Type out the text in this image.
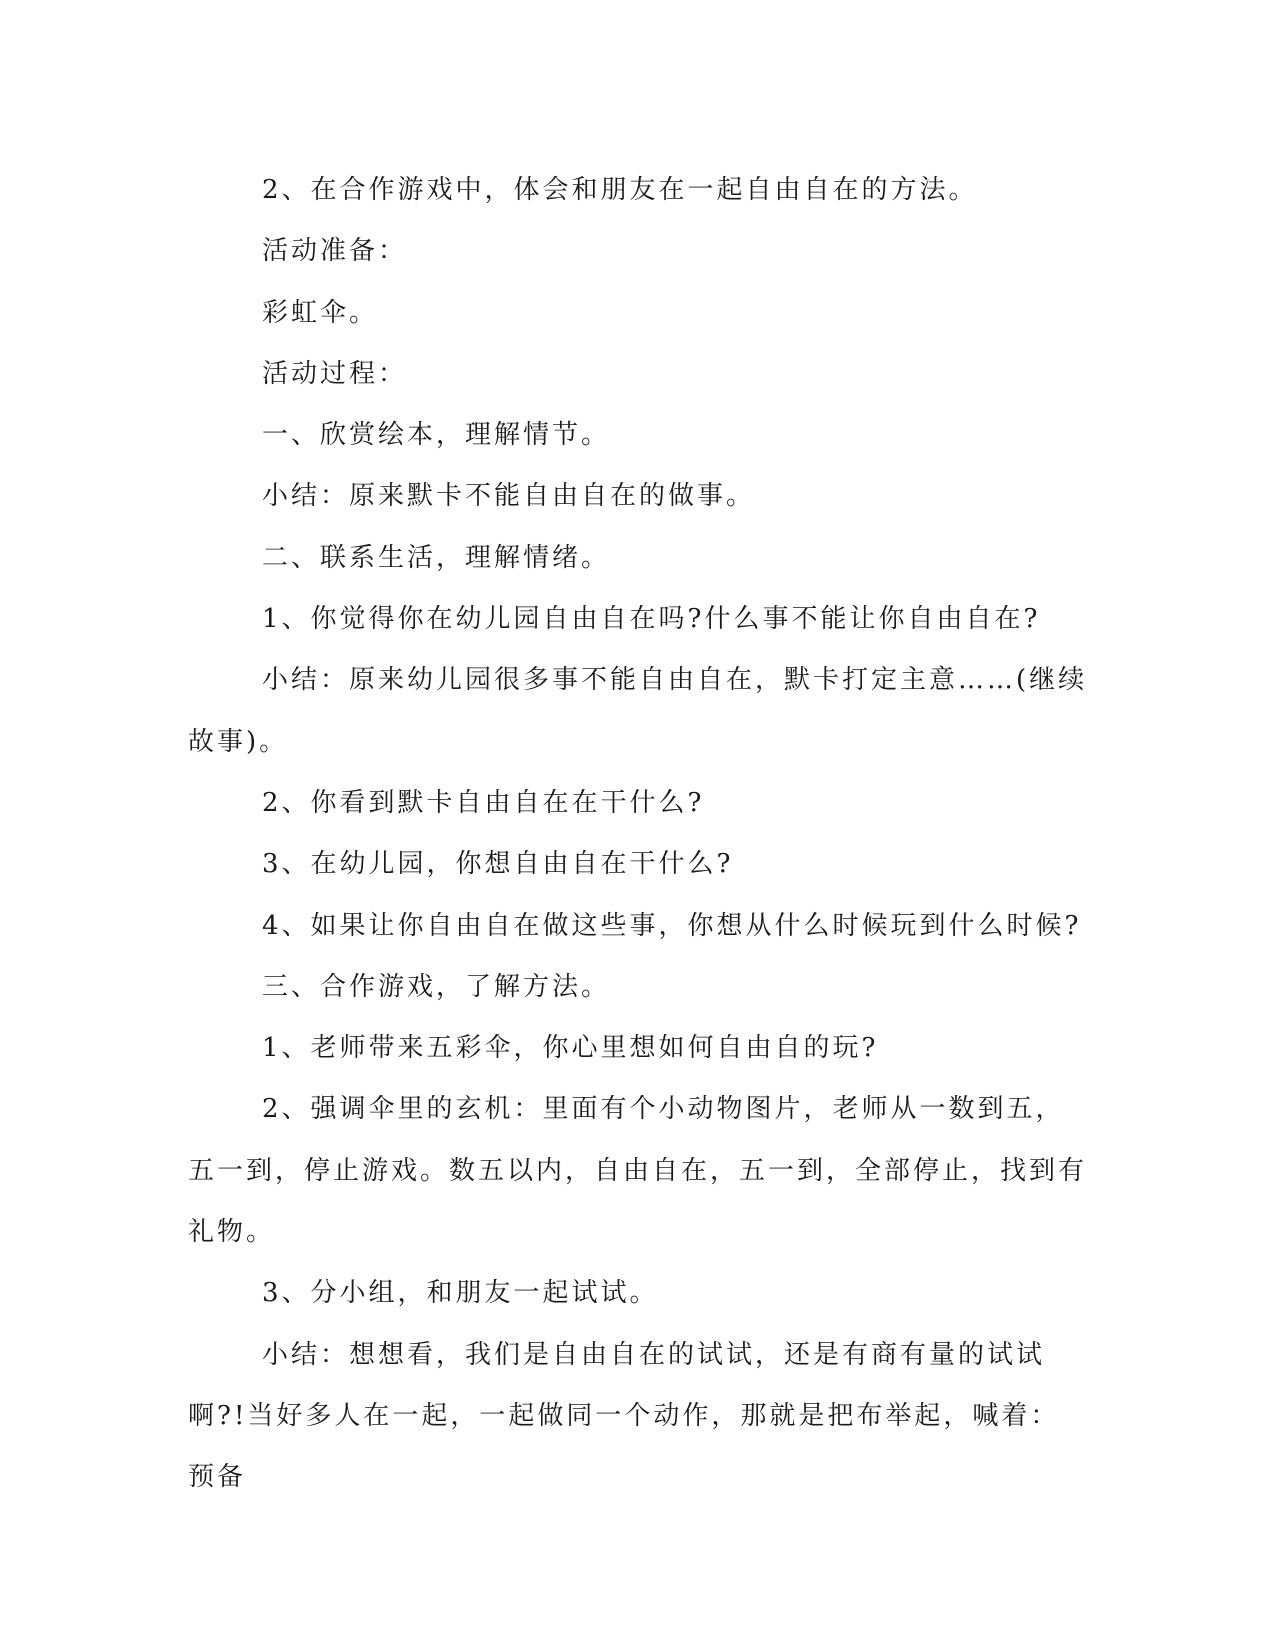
2、在合作游戏中，体会和朋友在一起自由自在的方法。

活动准备：

彩虹伞。

活动过程：

一、欣赏绘本，理解情节。

小结：原来默卡不能自由自在的做事。

二、联系生活，理解情绪。

1、你觉得你在幼儿园自由自在吗?什么事不能让你自由自在?

小结：原来幼儿园很多事不能自由自在，默卡打定主意……(继续故事)。

2、你看到默卡自由自在在干什么?

3、在幼儿园，你想自由自在干什么?

4、如果让你自由自在做这些事，你想从什么时候玩到什么时候?

三、合作游戏，了解方法。

1、老师带来五彩伞，你心里想如何自由自的玩?

2、强调伞里的玄机：里面有个小动物图片，老师从一数到五，五一到，停止游戏。数五以内，自由自在，五一到，全部停止，找到有礼物。

3、分小组，和朋友一起试试。

小结：想想看，我们是自由自在的试试，还是有商有量的试试啊?!当好多人在一起，一起做同一个动作，那就是把布举起，喊着：预备
